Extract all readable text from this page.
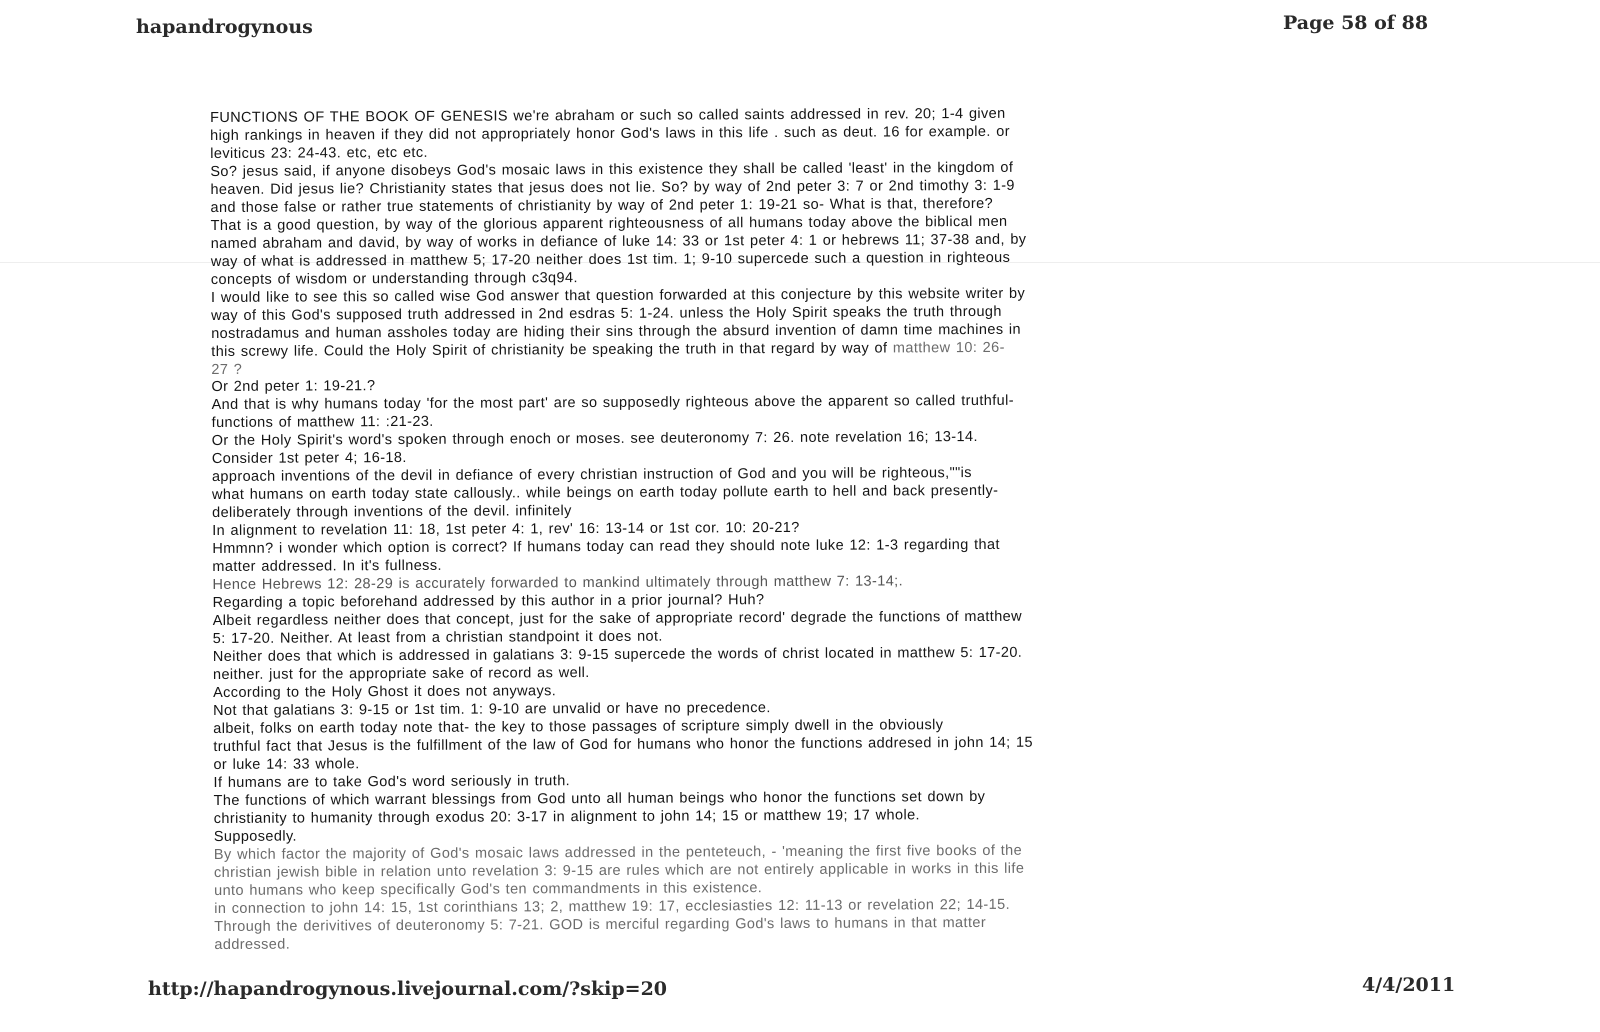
hapandrogynous	Page 58 of 88
FUNCTIONS OF THE BOOK OF GENESIS we're abraham or such so called saints addressed in rev. 20; 1-4 given
high rankings in heaven if they did not appropriately honor God's laws in this life . such as deut. 16 for example. or
leviticus 23: 24-43. etc, etc etc.
So? jesus said, if anyone disobeys God's mosaic laws in this existence they shall be called 'least' in the kingdom of
heaven. Did jesus lie? Christianity states that jesus does not lie. So? by way of 2nd peter 3: 7 or 2nd timothy 3: 1-9
and those false or rather true statements of christianity by way of 2nd peter 1: 19-21 so- What is that, therefore?
That is a good question, by way of the glorious apparent righteousness of all humans today above the biblical men
named abraham and david, by way of works in defiance of luke 14: 33 or 1st peter 4: 1 or hebrews 11; 37-38 and, by
way of what is addressed in matthew 5; 17-20 neither does 1st tim. 1; 9-10 supercede such a question in righteous
concepts of wisdom or understanding through c3q94.
I would like to see this so called wise God answer that question forwarded at this conjecture by this website writer by
way of this God's supposed truth addressed in 2nd esdras 5: 1-24. unless the Holy Spirit speaks the truth through
nostradamus and human assholes today are hiding their sins through the absurd invention of damn time machines in
this screwy life. Could the Holy Spirit of christianity be speaking the truth in that regard by way of matthew 10: 26-
27 ?
Or 2nd peter 1: 19-21.?
And that is why humans today 'for the most part' are so supposedly righteous above the apparent so called truthful-
functions of matthew 11: :21-23.
Or the Holy Spirit's word's spoken through enoch or moses. see deuteronomy 7: 26. note revelation 16; 13-14.
Consider 1st peter 4; 16-18.
approach inventions of the devil in defiance of every christian instruction of God and you will be righteous,""is
what humans on earth today state callously.. while beings on earth today pollute earth to hell and back presently-
deliberately through inventions of the devil. infinitely
In alignment to revelation 11: 18, 1st peter 4: 1, rev' 16: 13-14 or 1st cor. 10: 20-21?
Hmmnn? i wonder which option is correct? If humans today can read they should note luke 12: 1-3 regarding that
matter addressed. In it's fullness.
Hence Hebrews 12: 28-29 is accurately forwarded to mankind ultimately through matthew 7: 13-14;.
Regarding a topic beforehand addressed by this author in a prior journal? Huh?
Albeit regardless neither does that concept, just for the sake of appropriate record' degrade the functions of matthew
5: 17-20. Neither. At least from a christian standpoint it does not.
Neither does that which is addressed in galatians 3: 9-15 supercede the words of christ located in matthew 5: 17-20.
neither. just for the appropriate sake of record as well.
According to the Holy Ghost it does not anyways.
Not that galatians 3: 9-15 or 1st tim. 1: 9-10 are unvalid or have no precedence.
albeit, folks on earth today note that- the key to those passages of scripture simply dwell in the obviously
truthful fact that Jesus is the fulfillment of the law of God for humans who honor the functions addresed in john 14; 15
or luke 14: 33 whole.
If humans are to take God's word seriously in truth.
The functions of which warrant blessings from God unto all human beings who honor the functions set down by
christianity to humanity through exodus 20: 3-17 in alignment to john 14; 15 or matthew 19; 17 whole.
Supposedly.
By which factor the majority of God's mosaic laws addressed in the penteteuch, - 'meaning the first five books of the
christian jewish bible in relation unto revelation 3: 9-15 are rules which are not entirely applicable in works in this life
unto humans who keep specifically God's ten commandments in this existence.
in connection to john 14: 15, 1st corinthians 13; 2, matthew 19: 17, ecclesiasties 12: 11-13 or revelation 22; 14-15.
Through the derivitives of deuteronomy 5: 7-21. GOD is merciful regarding God's laws to humans in that matter
addressed.
http://hapandrogynous.livejournal.com/?skip=20	4/4/2011
